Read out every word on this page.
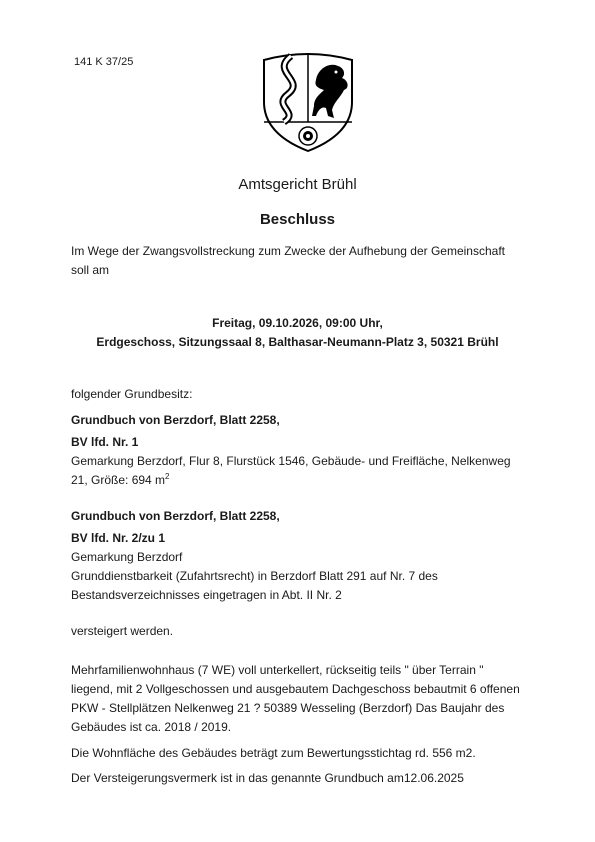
141 K 37/25
Amtsgericht Brühl
Beschluss
Im Wege der Zwangsvollstreckung zum Zwecke der Aufhebung der Gemeinschaft
soll am
Freitag, 09.10.2026, 09:00 Uhr,
Erdgeschoss, Sitzungssaal 8, Balthasar-Neumann-Platz 3, 50321 Brühl
folgender Grundbesitz:
Grundbuch von Berzdorf, Blatt 2258,
BV lfd. Nr. 1
Gemarkung Berzdorf, Flur 8, Flurstück 1546, Gebäude- und Freifläche, Nelkenweg
21, Größe: 694 $m^2$
Grundbuch von Berzdorf, Blatt 2258,
BV lfd. Nr. 2/zu 1
Gemarkung Berzdorf
Grunddienstbarkeit (Zufahrtsrecht) in Berzdorf Blatt 291 auf Nr. 7 des
Bestandsverzeichnisses eingetragen in Abt. II Nr. 2
versteigert werden.
Mehrfamilienwohnhaus (7 WE) voll unterkellert, rückseitig teils " über Terrain "
liegend, mit 2 Vollgeschossen und ausgebautem Dachgeschoss bebautmit 6 offenen
PKW - Stellplätzen Nelkenweg 21 ? 50389 Wesseling (Berzdorf) Das Baujahr des
Gebäudes ist ca. 2018 / 2019.
Die Wohnfläche des Gebäudes beträgt zum Bewertungsstichtag rd. 556 m2.
Der Versteigerungsvermerk ist in das genannte Grundbuch am12.06.2025
